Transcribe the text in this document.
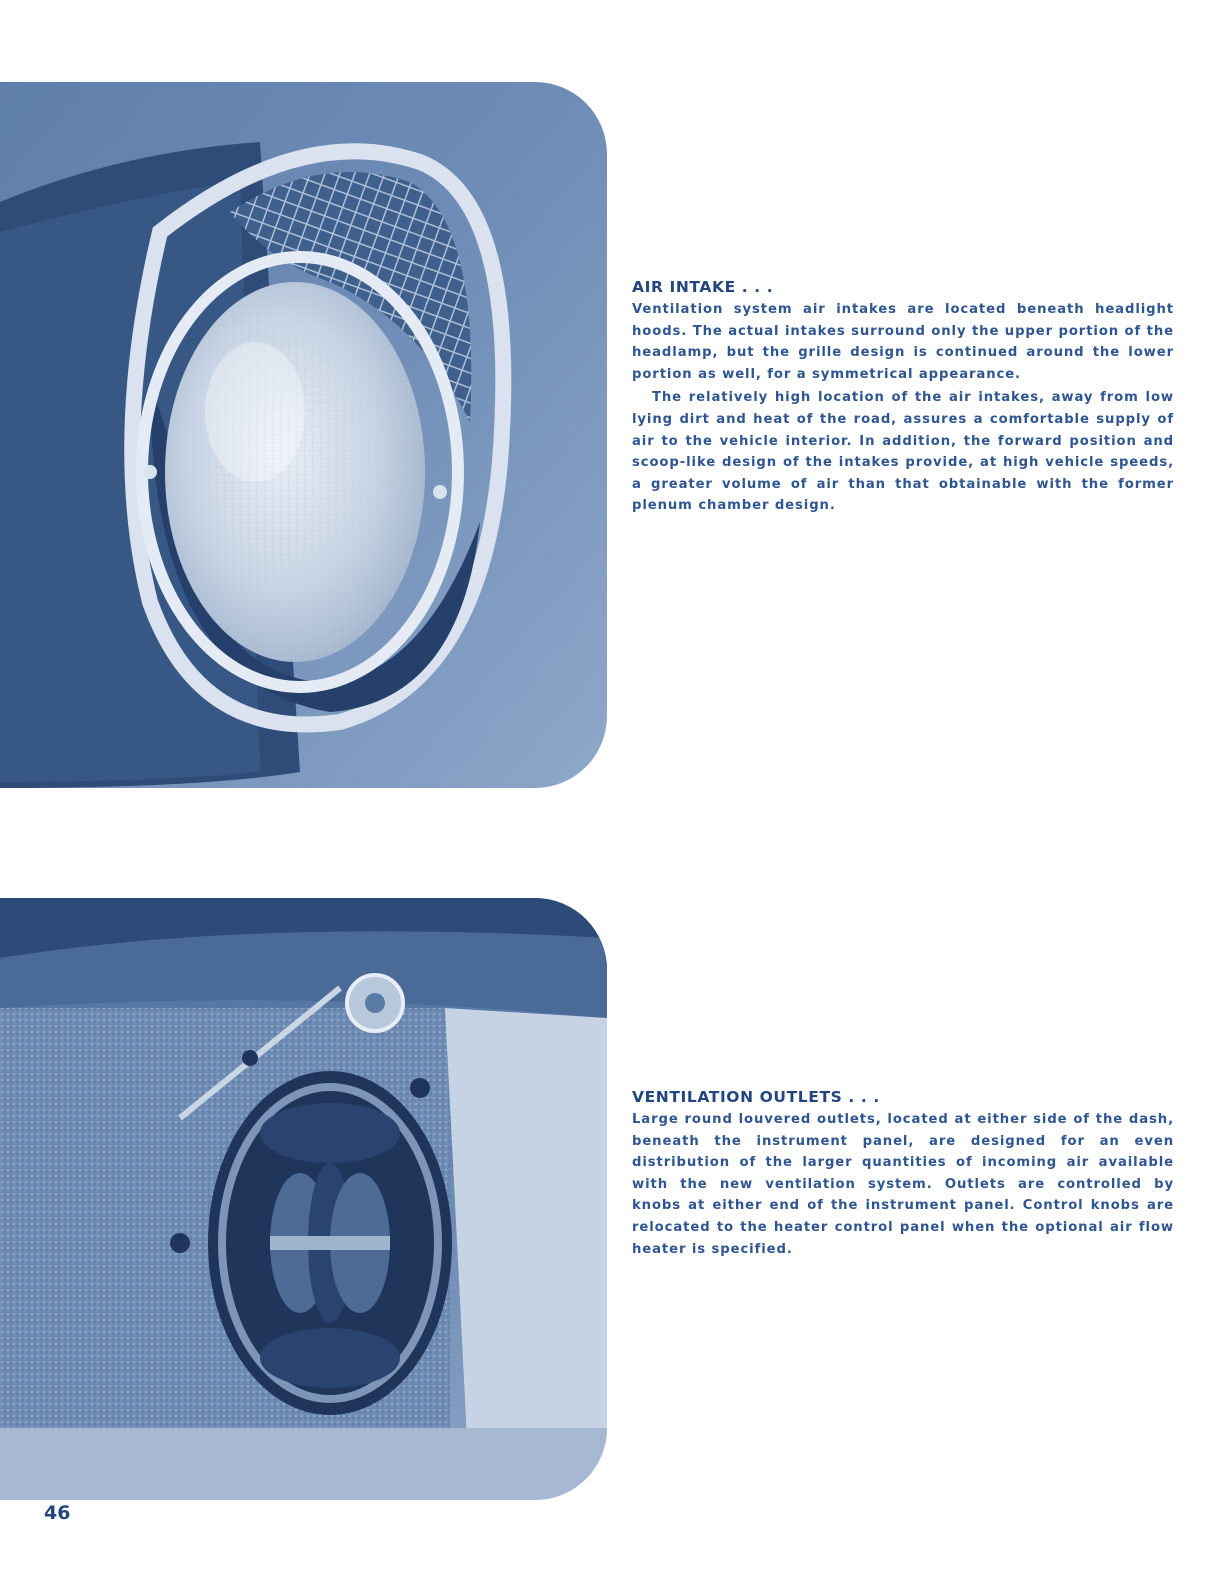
AIR INTAKE . . .

Ventilation system air intakes are located beneath headlight hoods. The actual intakes surround only the upper portion of the headlamp, but the grille design is continued around the lower portion as well, for a symmetrical appearance.

The relatively high location of the air intakes, away from low lying dirt and heat of the road, assures a comfortable supply of air to the vehicle interior. In addition, the forward position and scoop-like design of the intakes provide, at high vehicle speeds, a greater volume of air than that obtainable with the former plenum chamber design.

VENTILATION OUTLETS . . .

Large round louvered outlets, located at either side of the dash, beneath the instrument panel, are designed for an even distribution of the larger quantities of incoming air available with the new ventilation system. Outlets are controlled by knobs at either end of the instrument panel. Control knobs are relocated to the heater control panel when the optional air flow heater is specified.

46
